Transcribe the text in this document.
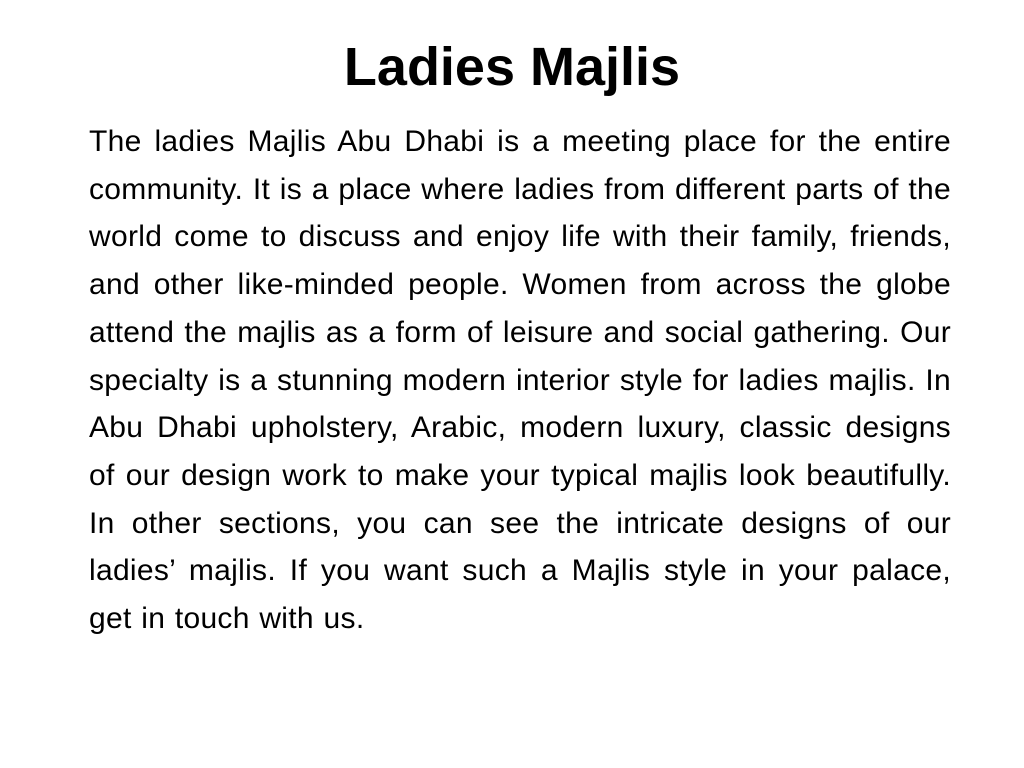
Ladies Majlis

The ladies Majlis Abu Dhabi is a meeting place for the entire community. It is a place where ladies from different parts of the world come to discuss and enjoy life with their family, friends, and other like-minded people. Women from across the globe attend the majlis as a form of leisure and social gathering. Our specialty is a stunning modern interior style for ladies majlis. In Abu Dhabi upholstery, Arabic, modern luxury, classic designs of our design work to make your typical majlis look beautifully. In other sections, you can see the intricate designs of our ladies’ majlis. If you want such a Majlis style in your palace, get in touch with us.
